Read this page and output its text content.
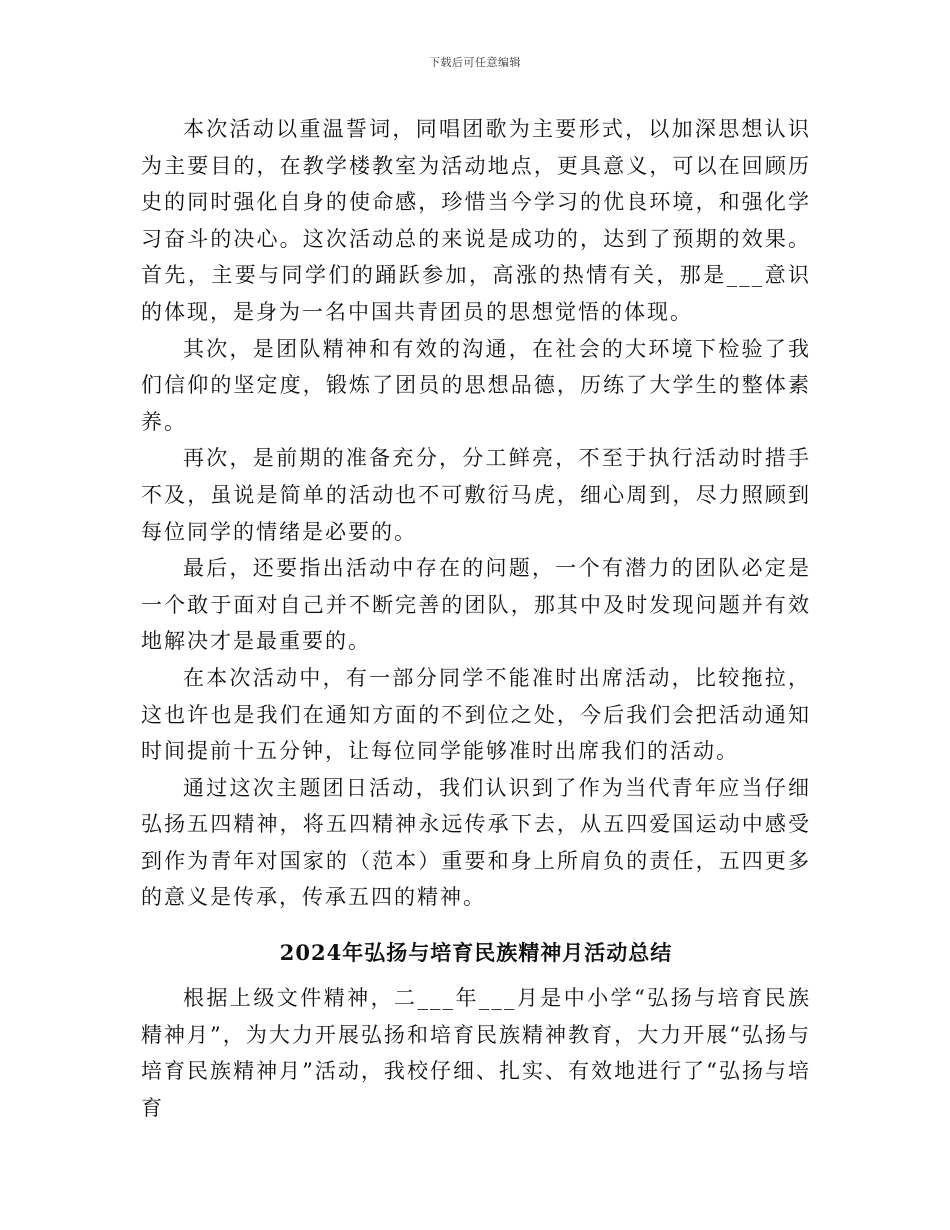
下载后可任意编辑

本次活动以重温誓词，同唱团歌为主要形式，以加深思想认识为主要目的，在教学楼教室为活动地点，更具意义，可以在回顾历史的同时强化自身的使命感，珍惜当今学习的优良环境，和强化学习奋斗的决心。这次活动总的来说是成功的，达到了预期的效果。首先，主要与同学们的踊跃参加，高涨的热情有关，那是___意识的体现，是身为一名中国共青团员的思想觉悟的体现。

其次，是团队精神和有效的沟通，在社会的大环境下检验了我们信仰的坚定度，锻炼了团员的思想品德，历练了大学生的整体素养。

再次，是前期的准备充分，分工鲜亮，不至于执行活动时措手不及，虽说是简单的活动也不可敷衍马虎，细心周到，尽力照顾到每位同学的情绪是必要的。

最后，还要指出活动中存在的问题，一个有潜力的团队必定是一个敢于面对自己并不断完善的团队，那其中及时发现问题并有效地解决才是最重要的。

在本次活动中，有一部分同学不能准时出席活动，比较拖拉，这也许也是我们在通知方面的不到位之处，今后我们会把活动通知时间提前十五分钟，让每位同学能够准时出席我们的活动。

通过这次主题团日活动，我们认识到了作为当代青年应当仔细弘扬五四精神，将五四精神永远传承下去，从五四爱国运动中感受到作为青年对国家的（范本）重要和身上所肩负的责任，五四更多的意义是传承，传承五四的精神。

2024年弘扬与培育民族精神月活动总结

根据上级文件精神，二___年___月是中小学“弘扬与培育民族精神月”，为大力开展弘扬和培育民族精神教育，大力开展“弘扬与培育民族精神月”活动，我校仔细、扎实、有效地进行了“弘扬与培育
